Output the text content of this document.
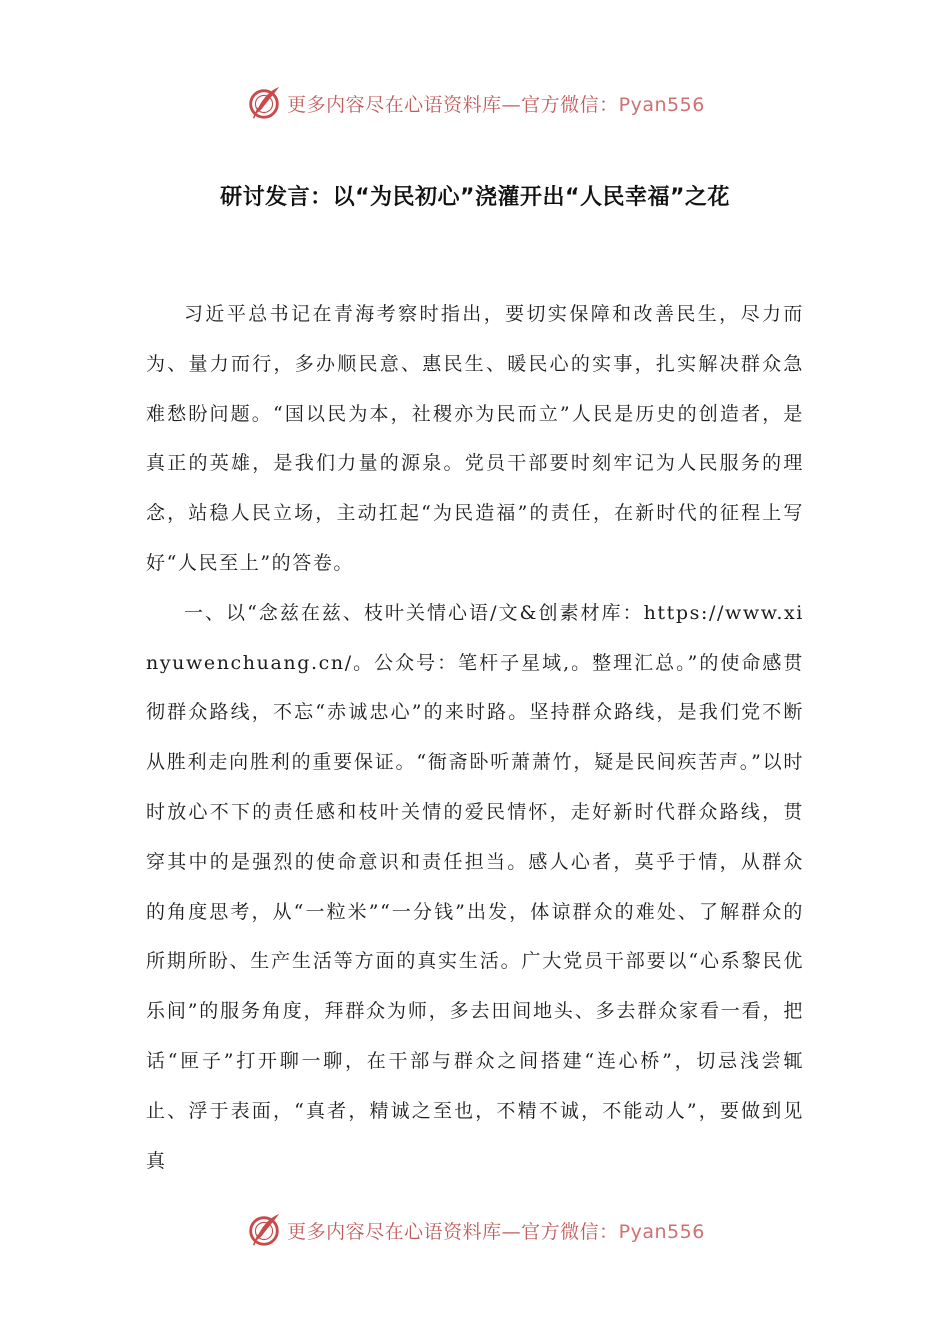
更多内容尽在心语资料库—官方微信：Pyan556
研讨发言：以“为民初心”浇灌开出“人民幸福”之花

习近平总书记在青海考察时指出，要切实保障和改善民生，尽力而为、量力而行，多办顺民意、惠民生、暖民心的实事，扎实解决群众急难愁盼问题。“国以民为本，社稷亦为民而立”人民是历史的创造者，是真正的英雄，是我们力量的源泉。党员干部要时刻牢记为人民服务的理念，站稳人民立场，主动扛起“为民造福”的责任，在新时代的征程上写好“人民至上”的答卷。

一、以“念兹在兹、枝叶关情心语/文&创素材库：https://www.xinyuwenchuang.cn/。公众号：笔杆子星域,。整理汇总。”的使命感贯彻群众路线，不忘“赤诚忠心”的来时路。坚持群众路线，是我们党不断从胜利走向胜利的重要保证。“衙斋卧听萧萧竹，疑是民间疾苦声。”以时时放心不下的责任感和枝叶关情的爱民情怀，走好新时代群众路线，贯穿其中的是强烈的使命意识和责任担当。感人心者，莫乎于情，从群众的角度思考，从“一粒米”“一分钱”出发，体谅群众的难处、了解群众的所期所盼、生产生活等方面的真实生活。广大党员干部要以“心系黎民优乐间”的服务角度，拜群众为师，多去田间地头、多去群众家看一看，把话“匣子”打开聊一聊，在干部与群众之间搭建“连心桥”，切忌浅尝辄止、浮于表面，“真者，精诚之至也，不精不诚，不能动人”，要做到见真

更多内容尽在心语资料库—官方微信：Pyan556
